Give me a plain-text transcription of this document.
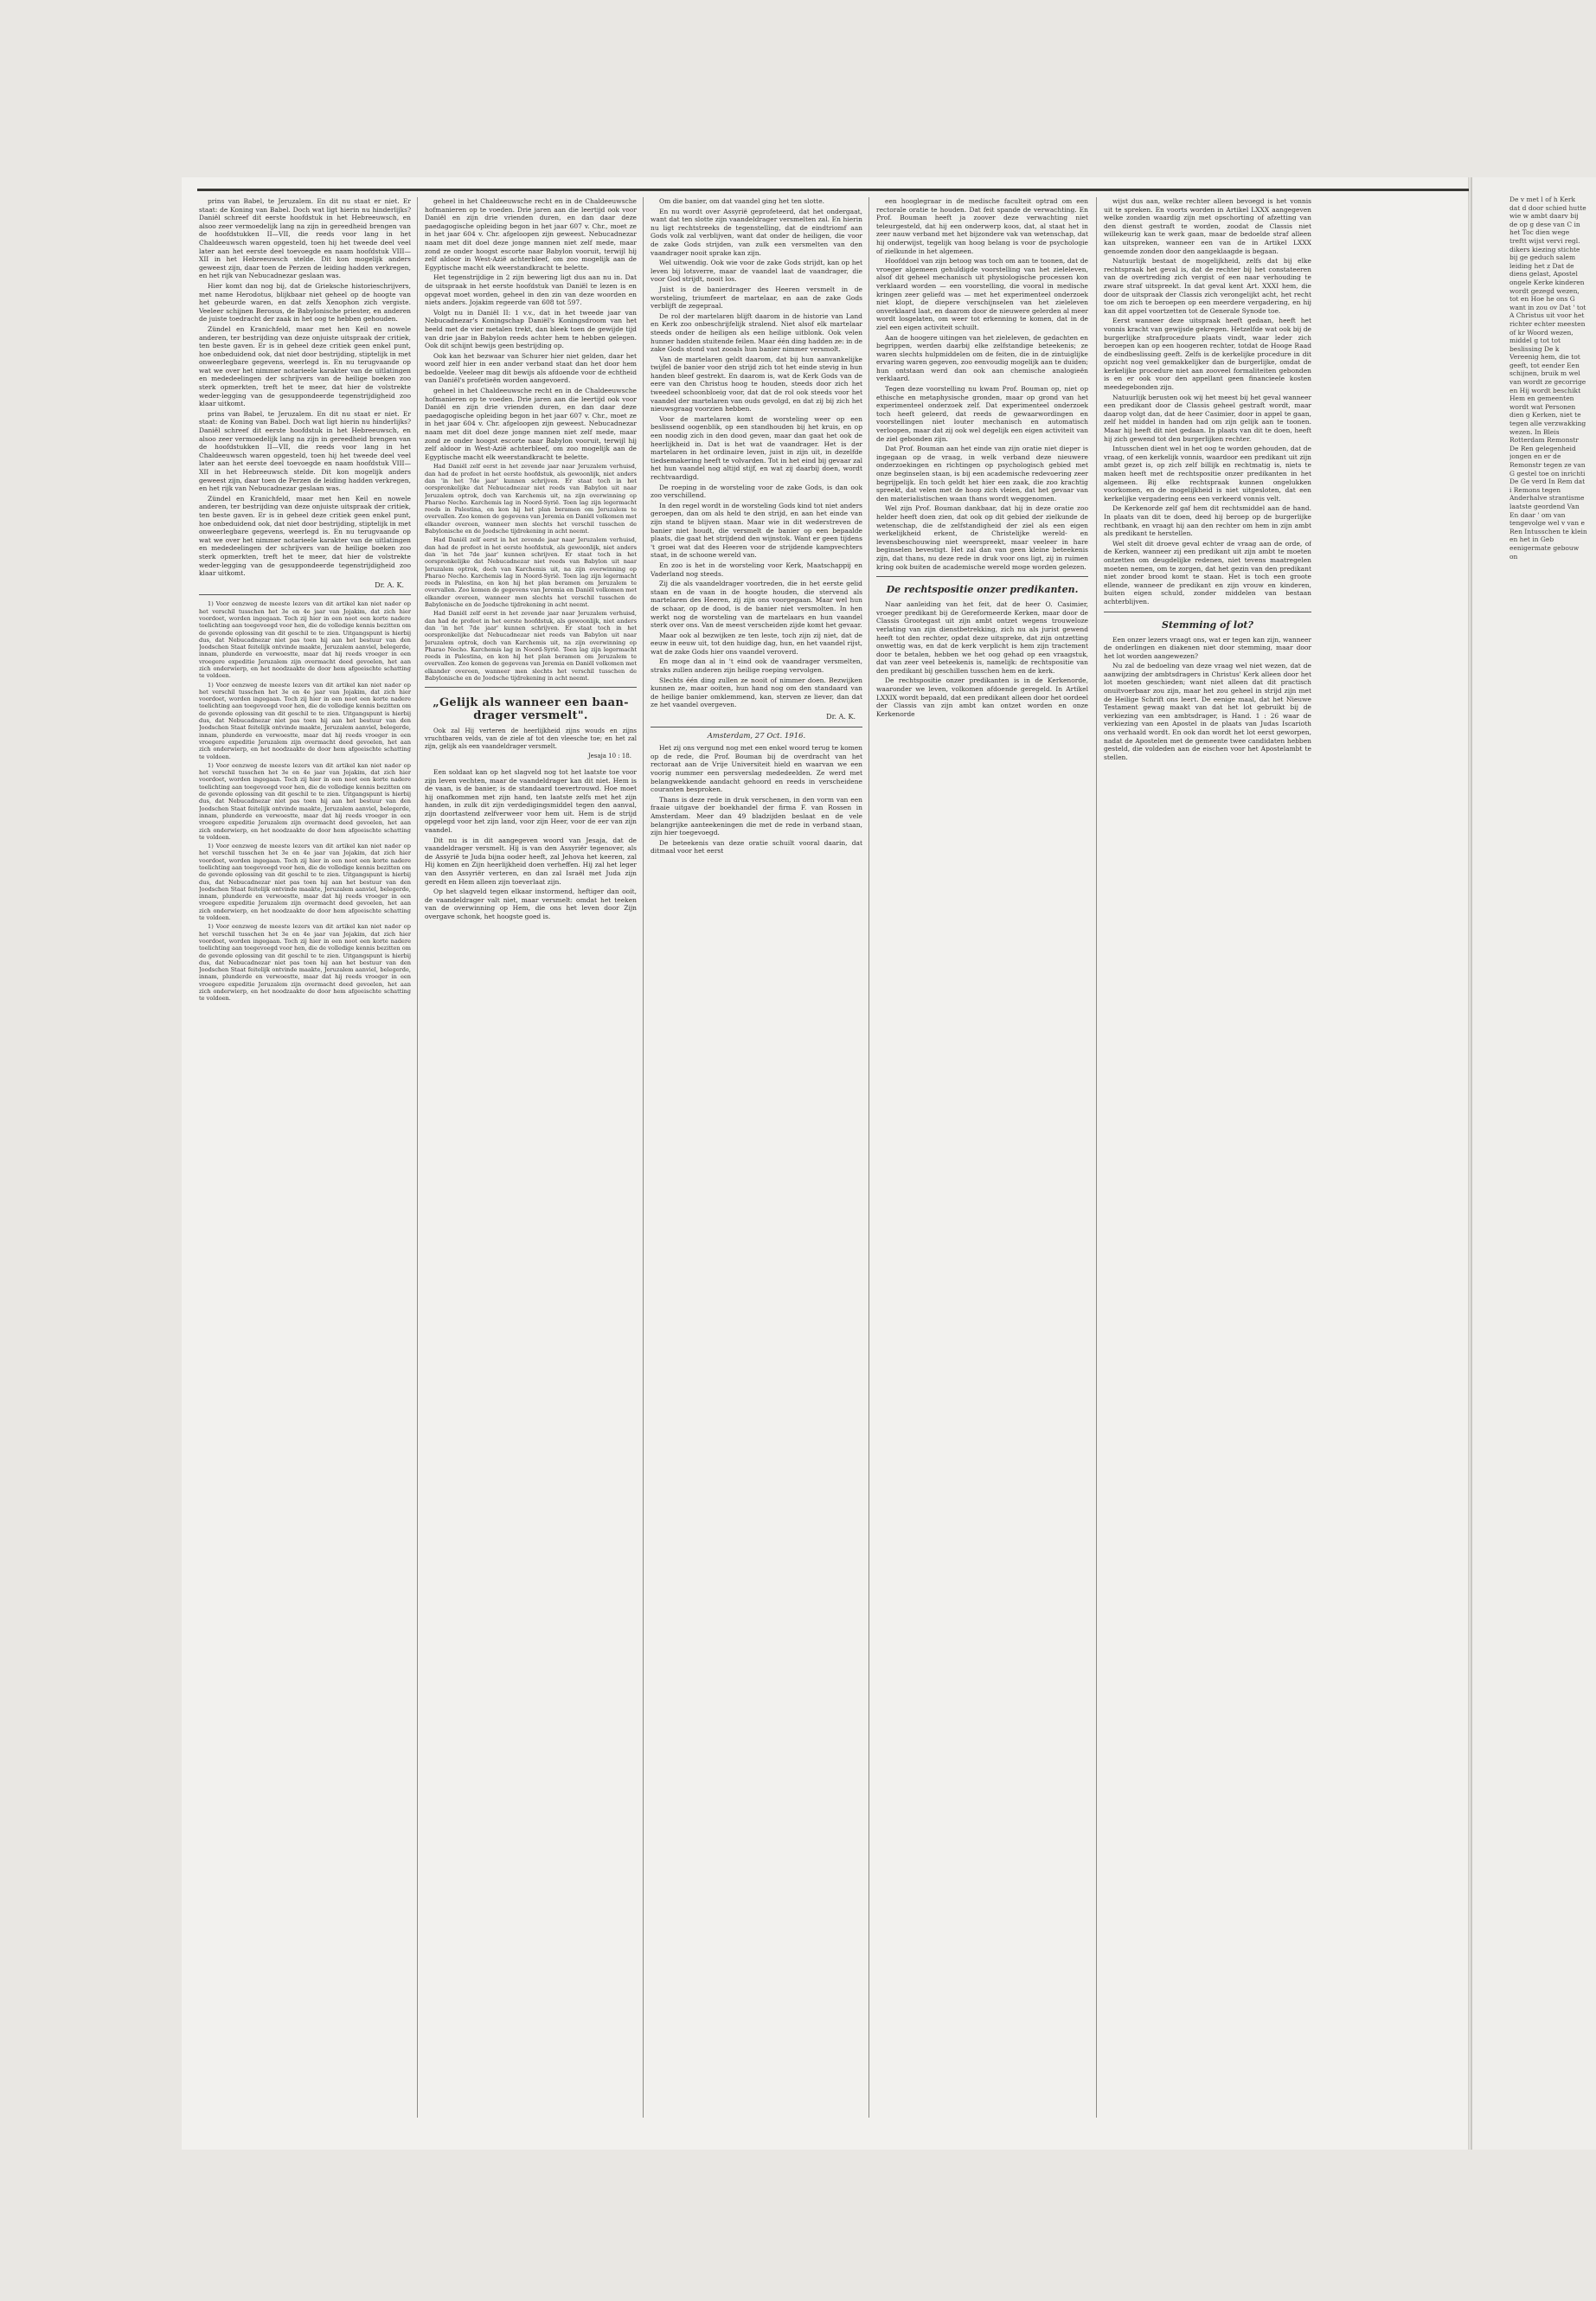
prins van Babel, te Jeruzalem. En dit nu staat er niet. Er staat: de Koning van Babel. Doch wat ligt hierin nu hinderlijks? Daniël schreef dit eerste hoofdstuk in het Hebreeuwsch, en alsoo zeer vermoedelijk lang na zijn in gereedheid brengen van de hoofdstukken II—VII, die reeds voor lang in het Chaldeeuwsch waren opgesteld, toen hij het tweede deel veel later aan het eerste deel toevoegde en naam hoofdstuk VIII—XII in het Hebreeuwsch stelde. Dit kon mogelijk anders geweest zijn, daar toen de Perzen de leiding hadden verkregen, en het rijk van Nebucadnezar geslaan was.

Hier komt dan nog bij, dat de Grieksche historieschrijvers, met name Herodotus, blijkbaar niet geheel op de hoogte van het gebeurde waren, en dat zelfs Xenophon zich vergiste. Veeleer schijnen Berosus, de Babylonische priester, en anderen de juiste toedracht der zaak in het oog te hebben gehouden.

Zündel en Kranichfeld, maar met hen Keil en nowele anderen, ter bestrijding van deze onjuiste uitspraak der critiek, ten beste gaven. Er is in geheel deze critiek geen enkel punt, hoe onbeduidend ook, dat niet door bestrijding, stiptelijk in met onweerlegbare gegevens, weerlegd is. En nu terugvaande op wat we over het nimmer notarieele karakter van de uitlatingen en mededeelingen der schrijvers van de heilige boeken zoo sterk opmerkten, treft het te meer, dat hier de volstrekte weder-legging van de gesuppondeerde tegenstrijdigheid zoo klaar uitkomt.

prins van Babel, te Jeruzalem. En dit nu staat er niet. Er staat: de Koning van Babel. Doch wat ligt hierin nu hinderlijks? Daniël schreef dit eerste hoofdstuk in het Hebreeuwsch, en alsoo zeer vermoedelijk lang na zijn in gereedheid brengen van de hoofdstukken II—VII, die reeds voor lang in het Chaldeeuwsch waren opgesteld, toen hij het tweede deel veel later aan het eerste deel toevoegde en naam hoofdstuk VIII—XII in het Hebreeuwsch stelde. Dit kon mogelijk anders geweest zijn, daar toen de Perzen de leiding hadden verkregen, en het rijk van Nebucadnezar geslaan was.

Zündel en Kranichfeld, maar met hen Keil en nowele anderen, ter bestrijding van deze onjuiste uitspraak der critiek, ten beste gaven. Er is in geheel deze critiek geen enkel punt, hoe onbeduidend ook, dat niet door bestrijding, stiptelijk in met onweerlegbare gegevens, weerlegd is. En nu terugvaande op wat we over het nimmer notarieele karakter van de uitlatingen en mededeelingen der schrijvers van de heilige boeken zoo sterk opmerkten, treft het te meer, dat hier de volstrekte weder-legging van de gesuppondeerde tegenstrijdigheid zoo klaar uitkomt.

Dr. A. K.

1) Voor eenzweg de meeste lezers van dit artikel kan niet nader op het verschil tusschen het 3e en 4e jaar van Jojakim, dat zich hier voordoet, worden ingegaan. Toch zij hier in een noot een korte nadere toelichting aan toegevoegd voor hen, die de volledige kennis bezitten om de gevonde oplossing van dit geschil te te zien. Uitgangspunt is hierbij dus, dat Nebucadnezar niet pas toen hij aan het bestuur van den Joodschen Staat feitelijk ontvinde maakte, Jeruzalem aanviel, belegerde, innam, plunderde en verwoestte, maar dat hij reeds vroeger in een vroegere expeditie Jeruzalem zijn overmacht deed gevoelen, het aan zich onderwierp, en het noodzaakte de door hem afgeeischte schatting te voldoen.

1) Voor eenzweg de meeste lezers van dit artikel kan niet nader op het verschil tusschen het 3e en 4e jaar van Jojakim, dat zich hier voordoet, worden ingegaan. Toch zij hier in een noot een korte nadere toelichting aan toegevoegd voor hen, die de volledige kennis bezitten om de gevonde oplossing van dit geschil te te zien. Uitgangspunt is hierbij dus, dat Nebucadnezar niet pas toen hij aan het bestuur van den Joodschen Staat feitelijk ontvinde maakte, Jeruzalem aanviel, belegerde, innam, plunderde en verwoestte, maar dat hij reeds vroeger in een vroegere expeditie Jeruzalem zijn overmacht deed gevoelen, het aan zich onderwierp, en het noodzaakte de door hem afgeeischte schatting te voldoen.

1) Voor eenzweg de meeste lezers van dit artikel kan niet nader op het verschil tusschen het 3e en 4e jaar van Jojakim, dat zich hier voordoet, worden ingegaan. Toch zij hier in een noot een korte nadere toelichting aan toegevoegd voor hen, die de volledige kennis bezitten om de gevonde oplossing van dit geschil te te zien. Uitgangspunt is hierbij dus, dat Nebucadnezar niet pas toen hij aan het bestuur van den Joodschen Staat feitelijk ontvinde maakte, Jeruzalem aanviel, belegerde, innam, plunderde en verwoestte, maar dat hij reeds vroeger in een vroegere expeditie Jeruzalem zijn overmacht deed gevoelen, het aan zich onderwierp, en het noodzaakte de door hem afgeeischte schatting te voldoen.

1) Voor eenzweg de meeste lezers van dit artikel kan niet nader op het verschil tusschen het 3e en 4e jaar van Jojakim, dat zich hier voordoet, worden ingegaan. Toch zij hier in een noot een korte nadere toelichting aan toegevoegd voor hen, die de volledige kennis bezitten om de gevonde oplossing van dit geschil te te zien. Uitgangspunt is hierbij dus, dat Nebucadnezar niet pas toen hij aan het bestuur van den Joodschen Staat feitelijk ontvinde maakte, Jeruzalem aanviel, belegerde, innam, plunderde en verwoestte, maar dat hij reeds vroeger in een vroegere expeditie Jeruzalem zijn overmacht deed gevoelen, het aan zich onderwierp, en het noodzaakte de door hem afgeeischte schatting te voldoen.

1) Voor eenzweg de meeste lezers van dit artikel kan niet nader op het verschil tusschen het 3e en 4e jaar van Jojakim, dat zich hier voordoet, worden ingegaan. Toch zij hier in een noot een korte nadere toelichting aan toegevoegd voor hen, die de volledige kennis bezitten om de gevonde oplossing van dit geschil te te zien. Uitgangspunt is hierbij dus, dat Nebucadnezar niet pas toen hij aan het bestuur van den Joodschen Staat feitelijk ontvinde maakte, Jeruzalem aanviel, belegerde, innam, plunderde en verwoestte, maar dat hij reeds vroeger in een vroegere expeditie Jeruzalem zijn overmacht deed gevoelen, het aan zich onderwierp, en het noodzaakte de door hem afgeeischte schatting te voldoen.

geheel in het Chaldeeuwsche recht en in de Chaldeeuwsche hofmanieren op te voeden. Drie jaren aan die leertijd ook voor Daniël en zijn drie vrienden duren, en dan daar deze paedagogische opleiding begon in het jaar 607 v. Chr., moet ze in het jaar 604 v. Chr. afgeloopen zijn geweest. Nebucadnezar naam met dit doel deze jonge mannen niet zelf mede, maar zond ze onder hoogst escorte naar Babylon vooruit, terwijl hij zelf aldoor in West-Azië achterbleef, om zoo mogelijk aan de Egyptische macht elk weerstandkracht te belette.

Het tegenstrijdige in 2 zijn bewering ligt dus aan nu in. Dat de uitspraak in het eerste hoofdstuk van Daniël te lezen is en opgevat moet worden, geheel in den zin van deze woorden en niets anders. Jojakim regeerde van 608 tot 597.

Volgt nu in Daniël II: 1 v.v., dat in het tweede jaar van Nebucadnezar's Koningschap Daniël's Koningsdroom van het beeld met de vier metalen trekt, dan bleek toen de gewijde tijd van drie jaar in Babylon reeds achter hem te hebben gelegen. Ook dit schijnt bewijs geen bestrijding op.

Ook kan het bezwaar van Schurer hier niet gelden, daar het woord zelf hier in een ander verband staat dan het door hem bedoelde. Veeleer mag dit bewijs als afdoende voor de echtheid van Daniël's profetieën worden aangevoerd.

geheel in het Chaldeeuwsche recht en in de Chaldeeuwsche hofmanieren op te voeden. Drie jaren aan die leertijd ook voor Daniël en zijn drie vrienden duren, en dan daar deze paedagogische opleiding begon in het jaar 607 v. Chr., moet ze in het jaar 604 v. Chr. afgeloopen zijn geweest. Nebucadnezar naam met dit doel deze jonge mannen niet zelf mede, maar zond ze onder hoogst escorte naar Babylon vooruit, terwijl hij zelf aldoor in West-Azië achterbleef, om zoo mogelijk aan de Egyptische macht elk weerstandkracht te belette.

Had Daniël zelf eerst in het zevende jaar naar Jeruzalem verhuisd, dan had de profeet in het eerste hoofdstuk, als gewoonlijk, niet anders dan 'in het 7de jaar' kunnen schrijven. Er staat toch in het oorspronkelijke dat Nebucadnezar niet reeds van Babylon uit naar Jeruzalem optrok, doch van Karchemis uit, na zijn overwinning op Pharao Necho. Karchemis lag in Noord-Syrië. Toen lag zijn legermacht reeds in Palestina, en kon hij het plan beramen om Jeruzalem te overvallen. Zoo komen de gegevens van Jeremia en Daniël volkomen met elkander overeen, wanneer men slechts het verschil tusschen de Babylonische en de Joodsche tijdrekening in acht neemt.

Had Daniël zelf eerst in het zevende jaar naar Jeruzalem verhuisd, dan had de profeet in het eerste hoofdstuk, als gewoonlijk, niet anders dan 'in het 7de jaar' kunnen schrijven. Er staat toch in het oorspronkelijke dat Nebucadnezar niet reeds van Babylon uit naar Jeruzalem optrok, doch van Karchemis uit, na zijn overwinning op Pharao Necho. Karchemis lag in Noord-Syrië. Toen lag zijn legermacht reeds in Palestina, en kon hij het plan beramen om Jeruzalem te overvallen. Zoo komen de gegevens van Jeremia en Daniël volkomen met elkander overeen, wanneer men slechts het verschil tusschen de Babylonische en de Joodsche tijdrekening in acht neemt.

Had Daniël zelf eerst in het zevende jaar naar Jeruzalem verhuisd, dan had de profeet in het eerste hoofdstuk, als gewoonlijk, niet anders dan 'in het 7de jaar' kunnen schrijven. Er staat toch in het oorspronkelijke dat Nebucadnezar niet reeds van Babylon uit naar Jeruzalem optrok, doch van Karchemis uit, na zijn overwinning op Pharao Necho. Karchemis lag in Noord-Syrië. Toen lag zijn legermacht reeds in Palestina, en kon hij het plan beramen om Jeruzalem te overvallen. Zoo komen de gegevens van Jeremia en Daniël volkomen met elkander overeen, wanneer men slechts het verschil tusschen de Babylonische en de Joodsche tijdrekening in acht neemt.

„Gelijk als wanneer een baan-drager versmelt".

Ook zal Hij verteren de heerlijkheid zijns wouds en zijns vruchtbaren velds, van de ziele af tot den vleesche toe; en het zal zijn, gelijk als een vaandeldrager versmelt.

Jesaja 10 : 18.

Een soldaat kan op het slagveld nog tot het laatste toe voor zijn leven vechten, maar de vaandeldrager kan dit niet. Hem is de vaan, is de banier, is de standaard toevertrouwd. Hoe moet hij onafkommen met zijn hand, ten laatste zelfs met het zijn handen, in zulk dit zijn verdedigingsmiddel tegen den aanval, zijn doortastend zelfverweer voor hem uit. Hem is de strijd opgelegd voor het zijn land, voor zijn Heer, voor de eer van zijn vaandel.

Dit nu is in dit aangegeven woord van Jesaja, dat de vaandeldrager versmelt. Hij is van den Assyriër tegenover, als de Assyrië te Juda bijna ooder heeft, zal Jehova het keeren, zal Hij komen en Zijn heerlijkheid doen verheffen. Hij zal het leger van den Assyriër verteren, en dan zal Israël met Juda zijn geredt en Hem alleen zijn toeverlaat zijn.

Op het slagveld tegen elkaar instormend, heftiger dan ooit, de vaandeldrager valt niet, maar versmelt: omdat het teeken van de overwinning op Hem, die ons het leven door Zijn overgave schonk, het hoogste goed is.

Om die banier, om dat vaandel ging het ten slotte.

En nu wordt over Assyrië geprofeteerd, dat het ondergaat, want dat ten slotte zijn vaandeldrager versmelten zal. En hierin nu ligt rechtstreeks de tegenstelling, dat de eindtriomf aan Gods volk zal verblijven, want dat onder de heiligen, die voor de zake Gods strijden, van zulk een versmelten van den vaandrager nooit sprake kan zijn.

Wel uitwendig. Ook wie voor de zake Gods strijdt, kan op het leven bij lotsverre, maar de vaandel laat de vaandrager, die voor God strijdt, nooit los.

Juist is de banierdrager des Heeren versmelt in de worsteling, triumfeert de martelaar, en aan de zake Gods verblijft de zegepraal.

De rol der martelaren blijft daarom in de historie van Land en Kerk zoo onbeschrijfelijk stralend. Niet alsof elk martelaar steeds onder de heiligen als een heilige uitblonk. Ook velen hunner hadden stuitende feilen. Maar één ding hadden ze: in de zake Gods stond vast zooals hun banier nimmer versmolt.

Van de martelaren geldt daarom, dat bij hun aanvankelijke twijfel de banier voor den strijd zich tot het einde stevig in hun handen bleef gestrekt. En daarom is, wat de Kerk Gods van de eere van den Christus hoog te houden, steeds door zich het tweedeel schoonbloeig voor, dat dat de rol ook steeds voor het vaandel der martelaren van ouds gevolgd, en dat zij bij zich het nieuwsgraag voorzien hebben.

Voor de martelaren komt de worsteling weer op een beslissend oogenblik, op een standhouden bij het kruis, en op een noodig zich in den dood geven, maar dan gaat het ook de heerlijkheid in. Dat is het wat de vaandrager. Het is der martelaren in het ordinaire leven, juist in zijn uit, in dezelfde tiedsemakering heeft te volvarden. Tot in het eind bij gevaar zal het hun vaandel nog altijd stijf, en wat zij daarbij doen, wordt rechtvaardigd.

De roeping in de worsteling voor de zake Gods, is dan ook zoo verschillend.

In den regel wordt in de worsteling Gods kind tot niet anders geroepen, dan om als held te den strijd, en aan het einde van zijn stand te blijven staan. Maar wie in dit wederstreven de banier niet houdt, die versmelt de banier op een bepaalde plaats, die gaat het strijdend den wijnstok. Want er geen tijdens 't groei wat dat des Heeren voor de strijdende kampvechters staat, in de schoone wereld van.

En zoo is het in de worsteling voor Kerk, Maatschappij en Vaderland nog steeds.

Zij die als vaandeldrager voortreden, die in het eerste gelid staan en de vaan in de hoogte houden, die stervend als martelaren des Heeren, zij zijn ons voorgegaan. Maar wel hun de schaar, op de dood, is de banier niet versmolten. In hen werkt nog de worsteling van de martelaars en hun vaandel sterk over ons. Van de meest verscheiden zijde komt het gevaar.

Maar ook al bezwijken ze ten leste, toch zijn zij niet, dat de eeuw in eeuw uit, tot den huidige dag, hun, en het vaandel rijst, wat de zake Gods hier ons vaandel veroverd.

En moge dan al in 't eind ook de vaandrager versmelten, straks zullen anderen zijn heilige roeping vervolgen.

Slechts één ding zullen ze nooit of nimmer doen. Bezwijken kunnen ze, maar ooiten, hun hand nog om den standaard van de heilige banier omklemmend, kan, sterven ze liever, dan dat ze het vaandel overgeven.

Dr. A. K.
Amsterdam, 27 Oct. 1916.

Het zij ons vergund nog met een enkel woord terug te komen op de rede, die Prof. Bouman bij de overdracht van het rectoraat aan de Vrije Universiteit hield en waarvan we een voorig nummer een persverslag mededeelden. Ze werd met belangwekkende aandacht gehoord en reeds in verscheidene couranten besproken.

Thans is deze rede in druk verschenen, in den vorm van een fraaie uitgave der boekhandel der firma F. van Rossen in Amsterdam. Meer dan 49 bladzijden beslaat en de vele belangrijke aanteekeningen die met de rede in verband staan, zijn hier toegevoegd.

De beteekenis van deze oratie schuilt vooral daarin, dat ditmaal voor het eerst

een hooglegraar in de medische faculteit optrad om een rectorale oratie te houden. Dat feit spande de verwachting. En Prof. Bouman heeft ja zoover deze verwachting niet teleurgesteld, dat hij een onderwerp koos, dat, al staat het in zeer nauw verband met het bijzondere vak van wetenschap, dat hij onderwijst, tegelijk van hoog belang is voor de psychologie of zielkunde in het algemeen.

Hoofddoel van zijn betoog was toch om aan te toonen, dat de vroeger algemeen gehuldigde voorstelling van het zieleleven, alsof dit geheel mechanisch uit physiologische processen kon verklaard worden — een voorstelling, die vooral in medische kringen zeer geliefd was — met het experimenteel onderzoek niet klopt, de diepere verschijnselen van het zieleleven onverklaard laat, en daarom door de nieuwere gelerden al meer wordt losgelaten, om weer tot erkenning te komen, dat in de ziel een eigen activiteit schuilt.

Aan de hoogere uitingen van het zieleleven, de gedachten en begrippen, werden daarbij elke zelfstandige beteekenis; ze waren slechts hulpmiddelen om de feiten, die in de zintuiglijke ervaring waren gegeven, zoo eenvoudig mogelijk aan te duiden; hun ontstaan werd dan ook aan chemische analogieën verklaard.

Tegen deze voorstelling nu kwam Prof. Bouman op, niet op ethische en metaphysische gronden, maar op grond van het experimenteel onderzoek zelf. Dat experimenteel onderzoek toch heeft geleerd, dat reeds de gewaarwordingen en voorstellingen niet louter mechanisch en automatisch verloopen, maar dat zij ook wel degelijk een eigen activiteit van de ziel gebonden zijn.

Dat Prof. Bouman aan het einde van zijn oratie niet dieper is ingegaan op de vraag, in welk verband deze nieuwere onderzoekingen en richtingen op psychologisch gebied met onze beginselen staan, is bij een academische redevoering zeer begrijpelijk. En toch geldt het hier een zaak, die zoo krachtig spreekt, dat velen met de hoop zich vleien, dat het gevaar van den materialistischen waan thans wordt weggenomen.

Wel zijn Prof. Bouman dankbaar, dat hij in deze oratie zoo helder heeft doen zien, dat ook op dit gebied der zielkunde de wetenschap, die de zelfstandigheid der ziel als een eigen werkelijkheid erkent, de Christelijke wereld- en levensbeschouwing niet weerspreekt, maar veeleer in hare beginselen bevestigt. Het zal dan van geen kleine beteekenis zijn, dat thans, nu deze rede in druk voor ons ligt, zij in ruimen kring ook buiten de academische wereld moge worden gelezen.

De rechtspositie onzer predikanten.

Naar aanleiding van het feit, dat de heer O. Casimier, vroeger predikant bij de Gereformeerde Kerken, maar door de Classis Grootegast uit zijn ambt ontzet wegens trouweloze verlating van zijn dienstbetrekking, zich nu als jurist gewend heeft tot den rechter, opdat deze uitspreke, dat zijn ontzetting onwettig was, en dat de kerk verplicht is hem zijn tractement door te betalen, hebben we het oog gehad op een vraagstuk, dat van zeer veel beteekenis is, namelijk: de rechtspositie van den predikant bij geschillen tusschen hem en de kerk.

De rechtspositie onzer predikanten is in de Kerkenorde, waaronder we leven, volkomen afdoende geregeld. In Artikel LXXIX wordt bepaald, dat een predikant alleen door het oordeel der Classis van zijn ambt kan ontzet worden en onze Kerkenorde

wijst dus aan, welke rechter alleen bevoegd is het vonnis uit te spreken. En voorts worden in Artikel LXXX aangegeven welke zonden waardig zijn met opschorting of afzetting van den dienst gestraft te worden, zoodat de Classis niet willekeurig kan te werk gaan, maar de bedoelde straf alleen kan uitspreken, wanneer een van de in Artikel LXXX genoemde zonden door den aangeklaagde is begaan.

Natuurlijk bestaat de mogelijkheid, zelfs dat bij elke rechtspraak het geval is, dat de rechter bij het constateeren van de overtreding zich vergist of een naar verhouding te zware straf uitspreekt. In dat geval kent Art. XXXI hem, die door de uitspraak der Classis zich verongelijkt acht, het recht toe om zich te beroepen op een meerdere vergadering, en hij kan dit appel voortzetten tot de Generale Synode toe.

Eerst wanneer deze uitspraak heeft gedaan, heeft het vonnis kracht van gewijsde gekregen. Hetzelfde wat ook bij de burgerlijke strafprocedure plaats vindt, waar leder zich beroepen kan op een hoogeren rechter, totdat de Hooge Raad de eindbeslissing geeft. Zelfs is de kerkelijke procedure in dit opzicht nog veel gemakkelijker dan de burgerlijke, omdat de kerkelijke procedure niet aan zooveel formaliteiten gebonden is en er ook voor den appellant geen financieele kosten meedegebonden zijn.

Natuurlijk berusten ook wij het meest bij het geval wanneer een predikant door de Classis geheel gestraft wordt, maar daarop volgt dan, dat de heer Casimier, door in appel te gaan, zelf het middel in handen had om zijn gelijk aan te toonen. Maar hij heeft dit niet gedaan. In plaats van dit te doen, heeft hij zich gewend tot den burgerlijken rechter.

Intusschen dient wel in het oog te worden gehouden, dat de vraag, of een kerkelijk vonnis, waardoor een predikant uit zijn ambt gezet is, op zich zelf billijk en rechtmatig is, niets te maken heeft met de rechtspositie onzer predikanten in het algemeen. Bij elke rechtspraak kunnen ongelukken voorkomen, en de mogelijkheid is niet uitgesloten, dat een kerkelijke vergadering eens een verkeerd vonnis velt.

De Kerkenorde zelf gaf hem dit rechtsmiddel aan de hand. In plaats van dit te doen, deed hij beroep op de burgerlijke rechtbank, en vraagt hij aan den rechter om hem in zijn ambt als predikant te herstellen.

Wel stelt dit droeve geval echter de vraag aan de orde, of de Kerken, wanneer zij een predikant uit zijn ambt te moeten ontzetten om deugdelijke redenen, niet tevens maatregelen moeten nemen, om te zorgen, dat het gezin van den predikant niet zonder brood komt te staan. Het is toch een groote ellende, wanneer de predikant en zijn vrouw en kinderen, buiten eigen schuld, zonder middelen van bestaan achterblijven.

Stemming of lot?

Een onzer lezers vraagt ons, wat er tegen kan zijn, wanneer de onderlingen en diakenen niet door stemming, maar door het lot worden aangewezen?

Nu zal de bedoeling van deze vraag wel niet wezen, dat de aanwijzing der ambtsdragers in Christus' Kerk alleen door het lot moeten geschieden; want niet alleen dat dit practisch onuitvoerbaar zou zijn, maar het zou geheel in strijd zijn met de Heilige Schrift ons leert. De eenige maal, dat het Nieuwe Testament gewag maakt van dat het lot gebruikt bij de verkiezing van een ambtsdrager, is Hand. 1 : 26 waar de verkiezing van een Apostel in de plaats van Judas Iscarioth ons verhaald wordt. En ook dan wordt het lot eerst geworpen, nadat de Apostelen met de gemeente twee candidaten hebben gesteld, die voldeden aan de eischen voor het Apostelambt te stellen.

De v met l of h Kerk dat d door schied hutte wie w ambt daarv bij de op g dese van C in het Toc dien wege treftt wijst vervi regl. dikers kiezing stichte bij ge geduch salem leiding het z Dat de diens gelast, Apostel ongele Kerke kinderen wordt gezegd wezen, tot en Hoe he ons G want in zou ov Dat ' tot A Christus uit voor het richter echter meesten of kr Woord wezen, middel g tot tot beslissing De k Vereenig hem, die tot geeft, tot eender Een schijnen, bruik m wel van wordt ze gecorrige en Hij wordt beschikt Hem en gemeenten wordt wat Personen dien g Kerken, niet te tegen alle verzwakking wezen. In Bleis Rotterdam Remonstr De Ren gelegenheid jongen en er de Remonstr tegen ze van G gestel toe on inrichti De Ge verd In Rem dat i Remons tegen Anderhalve strantisme laatste geordend Van En daar ' om van tengevolge wel v van e Ren Intusschen te klein en het in Geb eenigermate gebouw on
